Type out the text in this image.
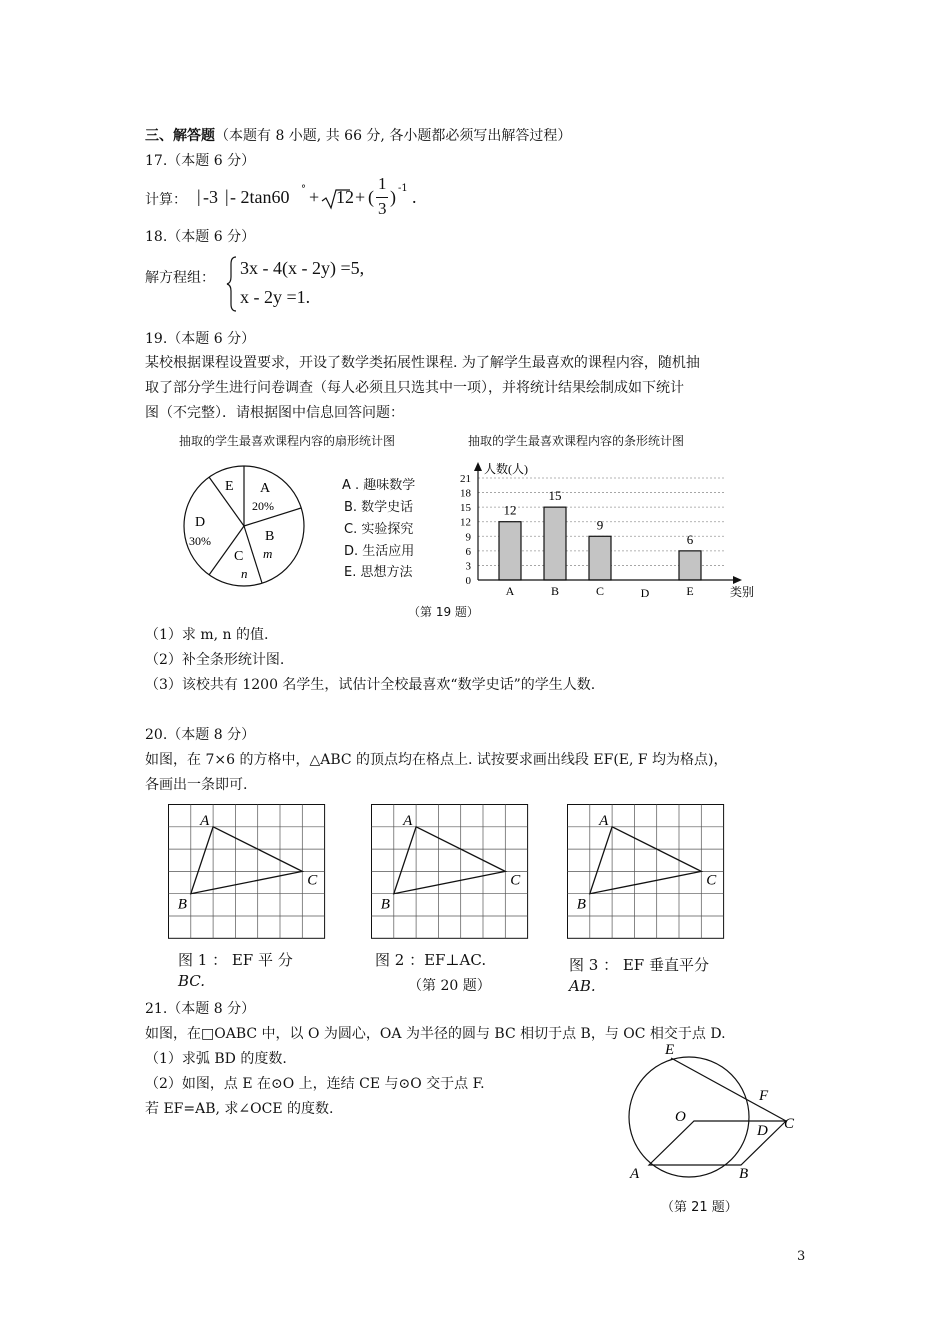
三、解答题（本题有 8 小题, 共 66 分, 各小题都必须写出解答过程）
17.（本题 6 分）
计算： | -3 | - 2tan60 ° + 12 + (
1
3
) -1 .
18.（本题 6 分）
解方程组： 3x - 4(x - 2y) =5,
x - 2y =1.
19.（本题 6 分）
某校根据课程设置要求，开设了数学类拓展性课程. 为了解学生最喜欢的课程内容，随机抽
取了部分学生进行问卷调查（每人必须且只选其中一项），并将统计结果绘制成如下统计
图（不完整）．请根据图中信息回答问题：
抽取的学生最喜欢课程内容的扇形统计图
A
20%
B
m
C
n
D
30%
E	A . 趣味数学
B. 数学史话
C. 实验探究
D. 生活应用
E. 思想方法
抽取的学生最喜欢课程内容的条形统计图
0
3
6
9
12
15
18
21
12
15
9
6
A	B	C	D	E
人数(人)
类别
（第 19 题）
（1）求 m, n 的值.
（2）补全条形统计图.
（3）该校共有 1200 名学生，试估计全校最喜欢“数学史话”的学生人数.
20.（本题 8 分）
如图，在 7×6 的方格中，△ABC 的顶点均在格点上. 试按要求画出线段 EF(E, F 均为格点)，
各画出一条即可.
A
B
C
A
B
C
A
B
C
图 1 ： EF 平 分
BC.
图 2 ：EF⊥AC.
（第 20 题）
图 3 ： EF 垂直平分
AB.
21.（本题 8 分）
如图，在□OABC 中，以 O 为圆心，OA 为半径的圆与 BC 相切于点 B，与 OC 相交于点 D.
（1）求弧 BD 的度数.
（2）如图，点 E 在⊙O 上，连结 CE 与⊙O 交于点 F.
若 EF=AB, 求∠OCE 的度数.
E
F
O	C
D
A	B
（第 21 题）
3
